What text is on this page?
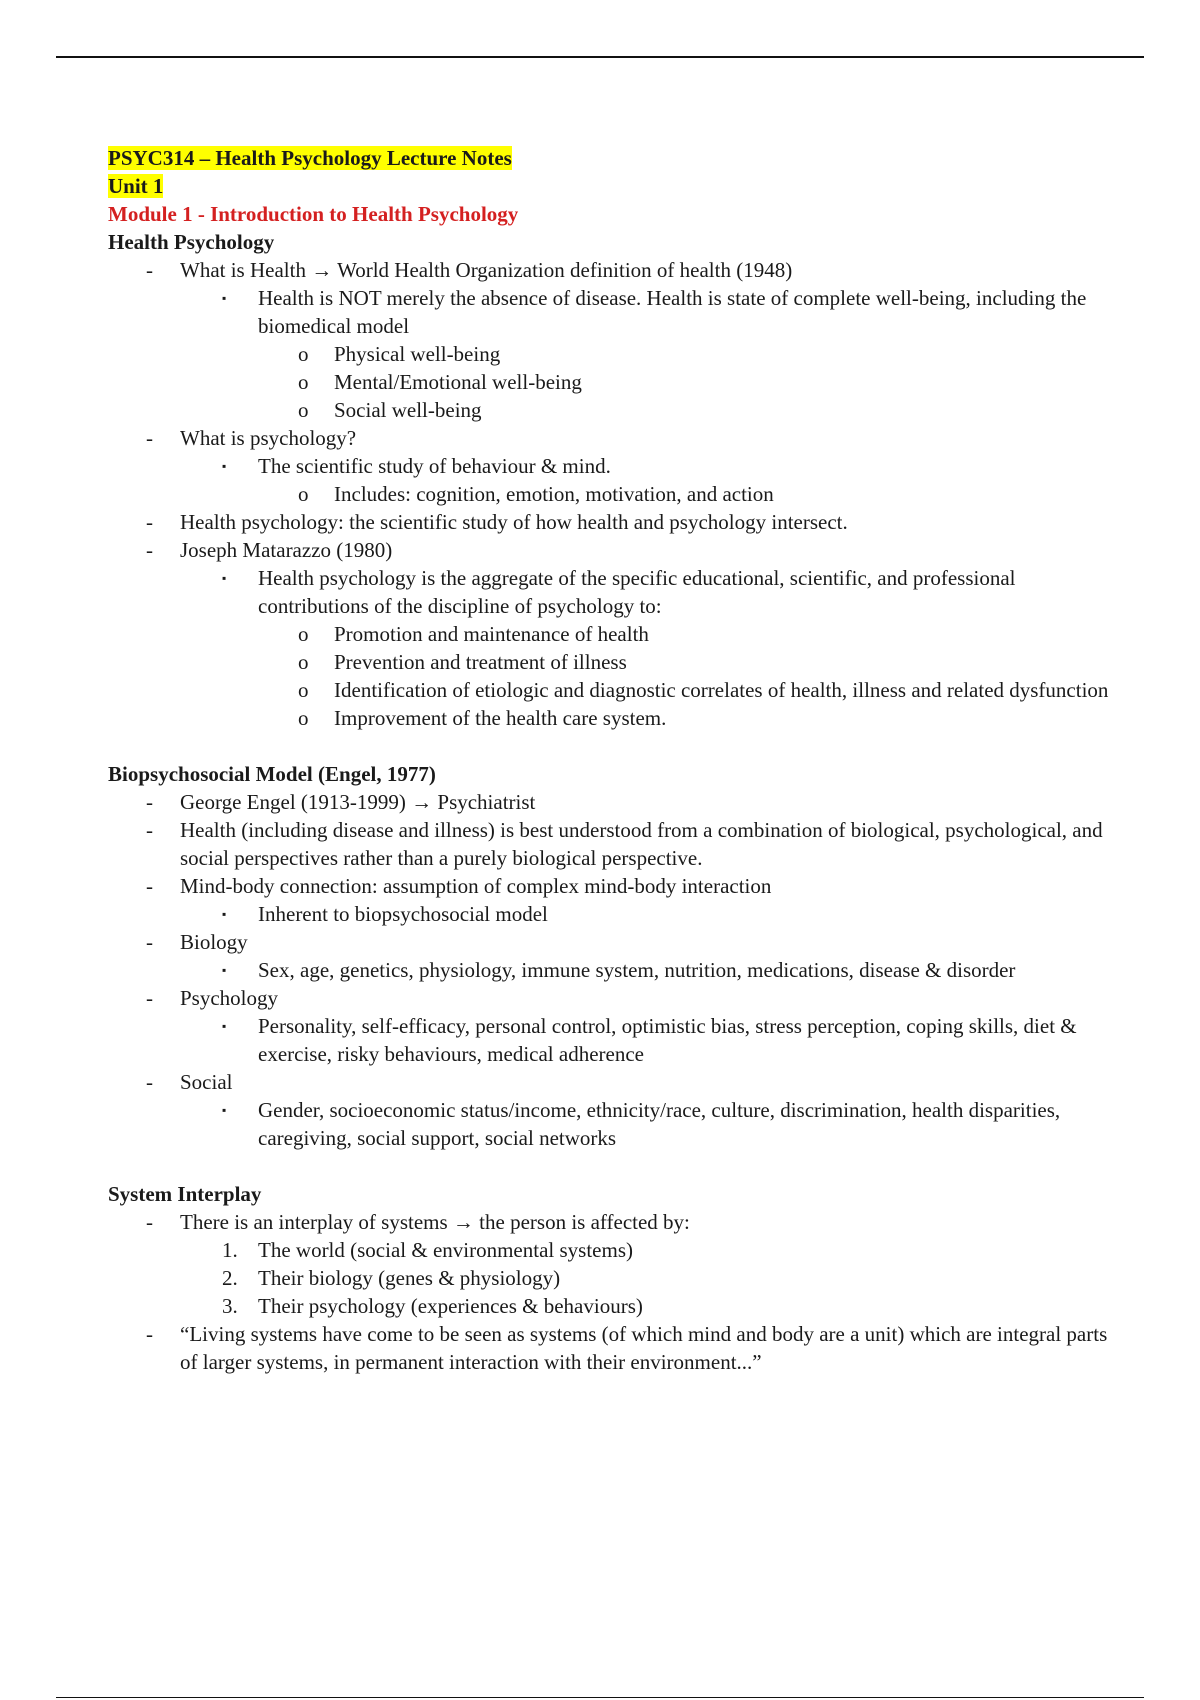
PSYC314 – Health Psychology Lecture Notes
Unit 1
Module 1 - Introduction to Health Psychology
Health Psychology
-	What is Health → World Health Organization definition of health (1948)
▪	Health is NOT merely the absence of disease. Health is state of complete well-being, including the biomedical model
o	Physical well-being
o	Mental/Emotional well-being
o	Social well-being
-	What is psychology?
▪	The scientific study of behaviour & mind.
o	Includes: cognition, emotion, motivation, and action
-	Health psychology: the scientific study of how health and psychology intersect.
-	Joseph Matarazzo (1980)
▪	Health psychology is the aggregate of the specific educational, scientific, and professional contributions of the discipline of psychology to:
o	Promotion and maintenance of health
o	Prevention and treatment of illness
o	Identification of etiologic and diagnostic correlates of health, illness and related dysfunction
o	Improvement of the health care system.
Biopsychosocial Model (Engel, 1977)
-	George Engel (1913-1999) → Psychiatrist
-	Health (including disease and illness) is best understood from a combination of biological, psychological, and social perspectives rather than a purely biological perspective.
-	Mind-body connection: assumption of complex mind-body interaction
▪	Inherent to biopsychosocial model
-	Biology
▪	Sex, age, genetics, physiology, immune system, nutrition, medications, disease & disorder
-	Psychology
▪	Personality, self-efficacy, personal control, optimistic bias, stress perception, coping skills, diet & exercise, risky behaviours, medical adherence
-	Social
▪	Gender, socioeconomic status/income, ethnicity/race, culture, discrimination, health disparities, caregiving, social support, social networks
System Interplay
-	There is an interplay of systems → the person is affected by:
1. The world (social & environmental systems)
2. Their biology (genes & physiology)
3. Their psychology (experiences & behaviours)
-	“Living systems have come to be seen as systems (of which mind and body are a unit) which are integral parts of larger systems, in permanent interaction with their environment...”
